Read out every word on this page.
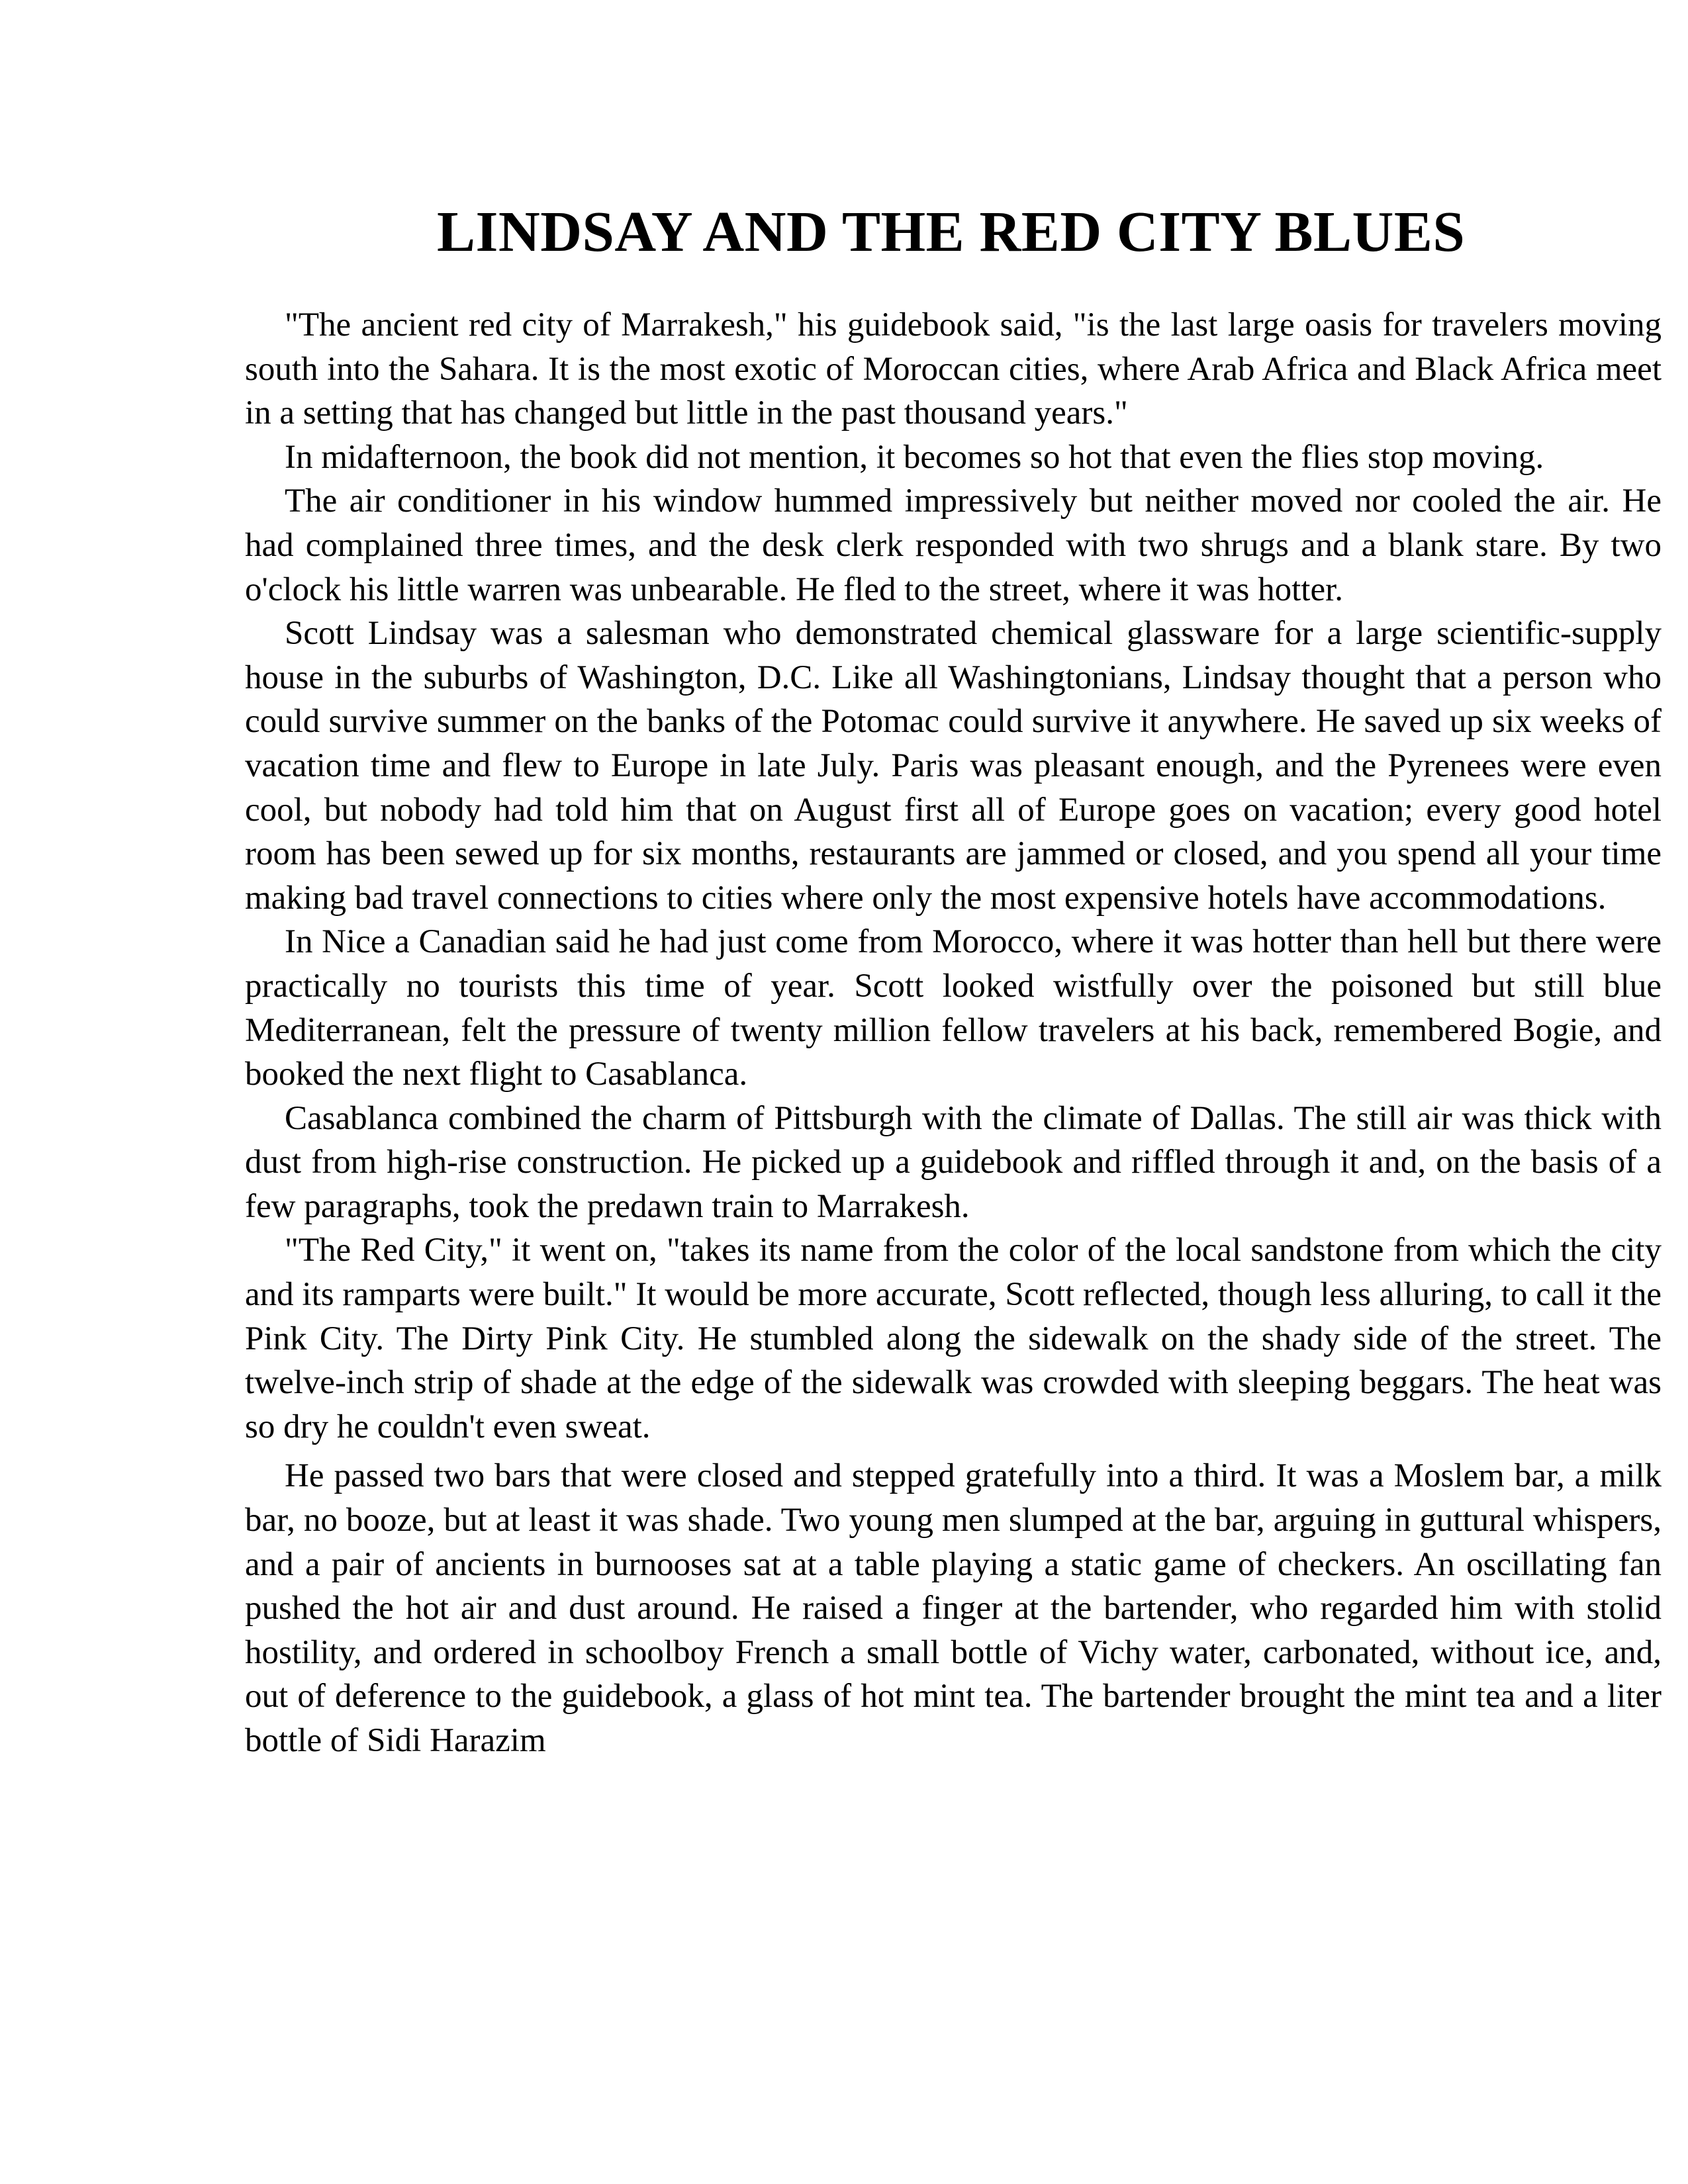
LINDSAY AND THE RED CITY BLUES

"The ancient red city of Marrakesh," his guidebook said, "is the last large oasis for travelers moving south into the Sahara. It is the most exotic of Moroccan cities, where Arab Africa and Black Africa meet in a setting that has changed but little in the past thousand years."

In midafternoon, the book did not mention, it becomes so hot that even the flies stop moving.

The air conditioner in his window hummed impressively but neither moved nor cooled the air. He had complained three times, and the desk clerk responded with two shrugs and a blank stare. By two o'clock his little warren was unbearable. He fled to the street, where it was hotter.

Scott Lindsay was a salesman who demonstrated chemical glassware for a large scientific-supply house in the suburbs of Washington, D.C. Like all Washingtonians, Lindsay thought that a person who could survive summer on the banks of the Potomac could survive it anywhere. He saved up six weeks of vacation time and flew to Europe in late July. Paris was pleasant enough, and the Pyrenees were even cool, but nobody had told him that on August first all of Europe goes on vacation; every good hotel room has been sewed up for six months, restaurants are jammed or closed, and you spend all your time making bad travel connections to cities where only the most expensive hotels have accommodations.

In Nice a Canadian said he had just come from Morocco, where it was hotter than hell but there were practically no tourists this time of year. Scott looked wistfully over the poisoned but still blue Mediterranean, felt the pressure of twenty million fellow travelers at his back, remembered Bogie, and booked the next flight to Casablanca.

Casablanca combined the charm of Pittsburgh with the climate of Dallas. The still air was thick with dust from high-rise construction. He picked up a guidebook and riffled through it and, on the basis of a few paragraphs, took the predawn train to Marrakesh.

"The Red City," it went on, "takes its name from the color of the local sandstone from which the city and its ramparts were built." It would be more accurate, Scott reflected, though less alluring, to call it the Pink City. The Dirty Pink City. He stumbled along the sidewalk on the shady side of the street. The twelve-inch strip of shade at the edge of the sidewalk was crowded with sleeping beggars. The heat was so dry he couldn't even sweat.

He passed two bars that were closed and stepped gratefully into a third. It was a Moslem bar, a milk bar, no booze, but at least it was shade. Two young men slumped at the bar, arguing in guttural whispers, and a pair of ancients in burnooses sat at a table playing a static game of checkers. An oscillating fan pushed the hot air and dust around. He raised a finger at the bartender, who regarded him with stolid hostility, and ordered in schoolboy French a small bottle of Vichy water, carbonated, without ice, and, out of deference to the guidebook, a glass of hot mint tea. The bartender brought the mint tea and a liter bottle of Sidi Harazim
